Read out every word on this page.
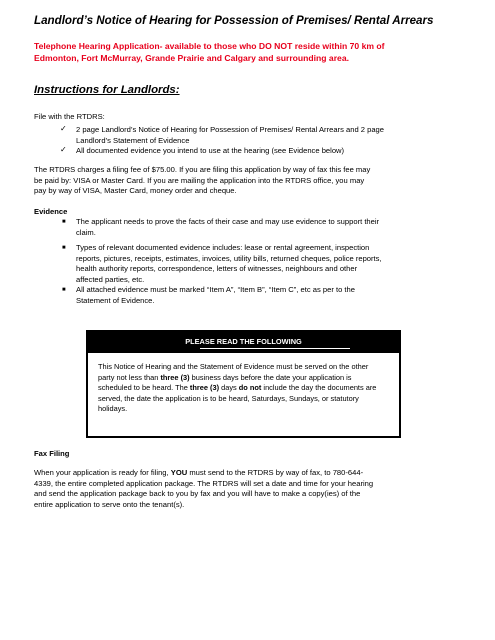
Landlord’s Notice of Hearing for Possession of Premises/ Rental Arrears
Telephone Hearing Application- available to those who DO NOT reside within 70 km of
Edmonton, Fort McMurray, Grande Prairie and Calgary and surrounding area.
Instructions for Landlords:
File with the RTDRS:
✓ 2 page Landlord’s Notice of Hearing for Possession of Premises/ Rental Arrears and 2 page
Landlord’s Statement of Evidence
✓ All documented evidence you intend to use at the hearing (see Evidence below)
The RTDRS charges a filing fee of $75.00. If you are filing this application by way of fax this fee may
be paid by: VISA or Master Card. If you are mailing the application into the RTDRS office, you may
pay by way of VISA, Master Card, money order and cheque.
Evidence
■ The applicant needs to prove the facts of their case and may use evidence to support their
claim.
■ Types of relevant documented evidence includes: lease or rental agreement, inspection
reports, pictures, receipts, estimates, invoices, utility bills, returned cheques, police reports,
health authority reports, correspondence, letters of witnesses, neighbours and other
affected parties, etc.
■ All attached evidence must be marked “Item A”, “Item B”, “Item C”, etc as per to the
Statement of Evidence.
PLEASE READ THE FOLLOWING
This Notice of Hearing and the Statement of Evidence must be served on the other
party not less than three (3) business days before the date your application is
scheduled to be heard. The three (3) days do not include the day the documents are
served, the date the application is to be heard, Saturdays, Sundays, or statutory
holidays.
Fax Filing
When your application is ready for filing, YOU must send to the RTDRS by way of fax, to 780-644-
4339, the entire completed application package. The RTDRS will set a date and time for your hearing
and send the application package back to you by fax and you will have to make a copy(ies) of the
entire application to serve onto the tenant(s).
